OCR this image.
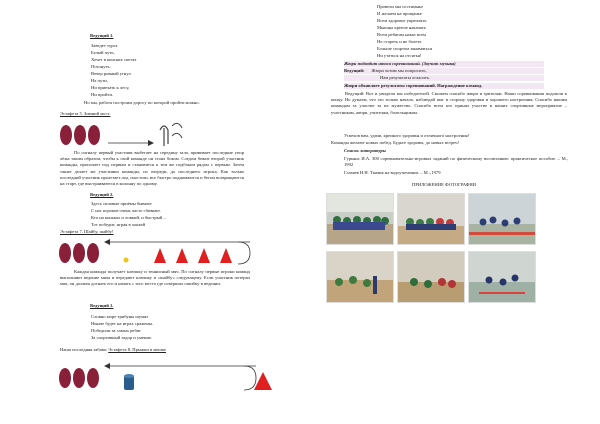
Ведущий 1.
Заведет турга
Белый путь,
Хочет в конских скетах
Потонуть.
Вечер ровный угнул
На пути,
Ни приехать к лесу,
Ни пройти.
Но мы, работа построим дорогу по которой пройти можно.
Эстафета 5. Зимний мост.
По сигналу первый участник выбегает на середину зала, прививает последние упор лёжа таким образом, чтобы к свой команде он стоял боком. Следом бежит второй участник команды, прополает под первым и становится к тем же подбоком рядом с первым. Затем также делает же участники команды, по очереди, до последнего игрока. Как только последний участник пролезает под «мостом» все быстро поднимаются и бегом возвращаются на старт, где выстраиваются в колонну по одному.
Ведущий 2.
Здесь силовые приёмы бывают
С ног игроков очень часто сбивают.
Кто на коньках и ловкий, и быстрый –
Тот победит, играя в хоккей
Эстафета 7. Шайбу, шайбу!
Каждая команда получает клюшку и теннисный мяч. По сигналу первые игроки команд выполняют ведение мяча и передают клюшку и «шайбу» следующему. Если участник потерял мяч, он должен догнать его и начать с того места где совершил ошибку в ведении.
Ведущий 1.
Словно море трибуны шумят
Нынче будет на играх сражены.
Победили за самых ребят
За спортивный задор и умение.
Наша последняя забава: Эстафета 8. Прыжки в мешке
Провели мы состязанье
И желаем на прощанье
Всем здоровье укреплять
Мышцы крепче накачать
Всем ребятам наказ всем
Не стареть и не болеть
Больше спортом заниматься
Ни утаться на отсятья!
Жюри подводит итоги соревнований. (Звучит музыка)
Ведущий: Жюри хотим мы попросить,
Нам результаты огласить.
Жюри объявляет результаты соревнований. Награждение команд.
Ведущий: Вот и увидели мы победителей. Сможем спасибо жюри и зрителям. Наши соревнования подошли к концу. Но думаем, что это только начало, наблюдай шаг в сторону здоровья и хорошего настроения. Спасибо нашим командам за участие за их мужество. Спасибо всем кто принял участие в наших спортивные мероприятие – участникам, жюри, учителям, болельщикам.
Успехов вам, удачи, крепкого здоровья и отличного настроения!
Команды желают новых побед. Будьте здоровы, до новых встреч!
Список литературы
Гурьянс И.А. 300 соревновательно-игровых заданий по физическому воспитанию: практическое пособие. – М., 1992
Глазяев Н.Н. Ткачик на водоупочении. – М.:,1979
ПРИЛОЖЕНИЕ ФОТОГРАФИИ
